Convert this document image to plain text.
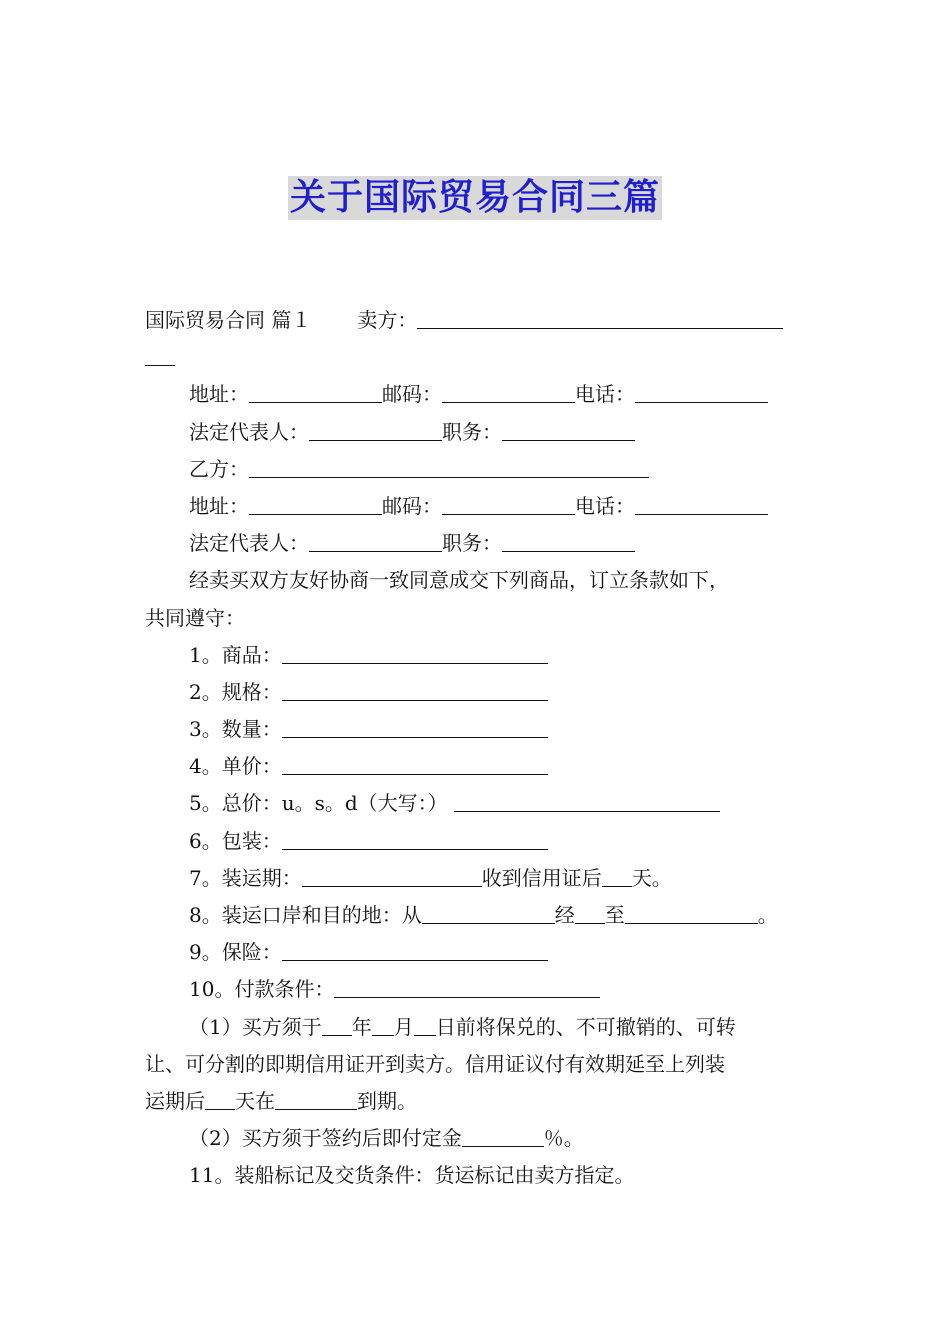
关于国际贸易合同三篇
国际贸易合同 篇１ 卖方：
地址：	邮码：	电话：
法定代表人：	职务：
乙方：
地址：	邮码：	电话：
法定代表人：	职务：
经卖买双方友好协商一致同意成交下列商品，订立条款如下，
共同遵守：
1。商品：
2。规格：
3。数量：
4。单价：
5。总价：u。s。d（大写：）
6。包装：
7。装运期：	收到信用证后 天。
8。装运口岸和目的地：从	经 至	。
9。保险：
10。付款条件：
（1）买方须于 年 月 日前将保兑的、不可撤销的、可转
让、可分割的即期信用证开到卖方。信用证议付有效期延至上列装
运期后 天在	到期。
（2）买方须于签约后即付定金	％。
11。装船标记及交货条件：货运标记由卖方指定。
